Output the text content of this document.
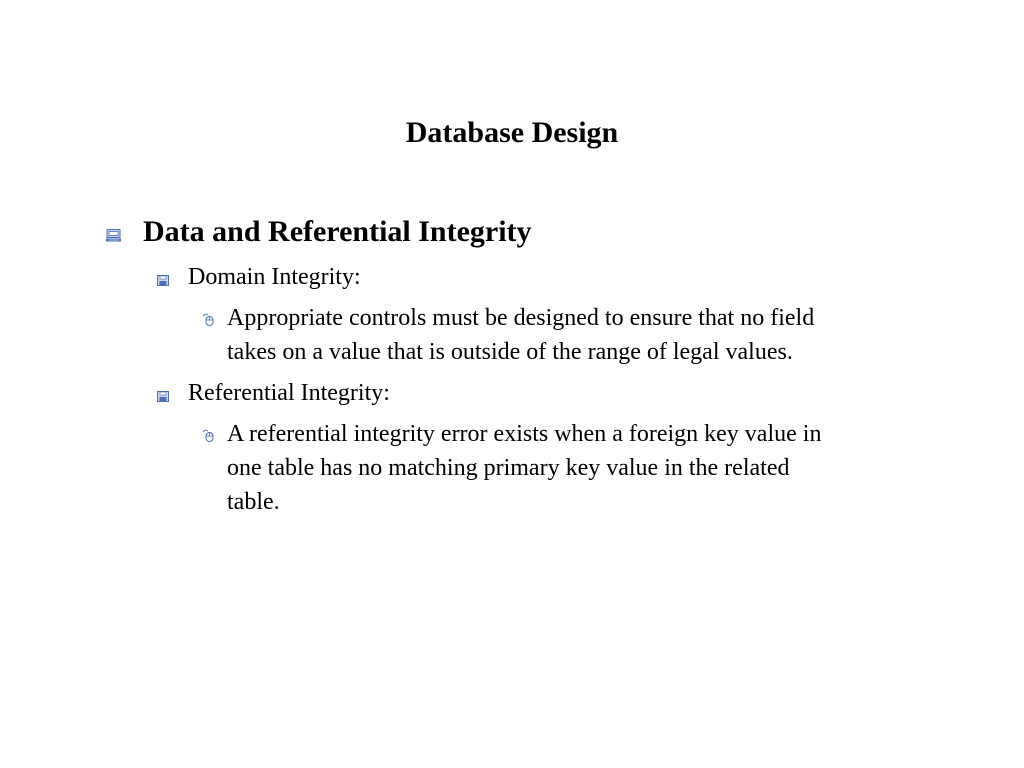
Database Design
Data and Referential Integrity
Domain Integrity:
Appropriate controls must be designed to ensure that no field
takes on a value that is outside of the range of legal values.
Referential Integrity:
A referential integrity error exists when a foreign key value in
one table has no matching primary key value in the related
table.
